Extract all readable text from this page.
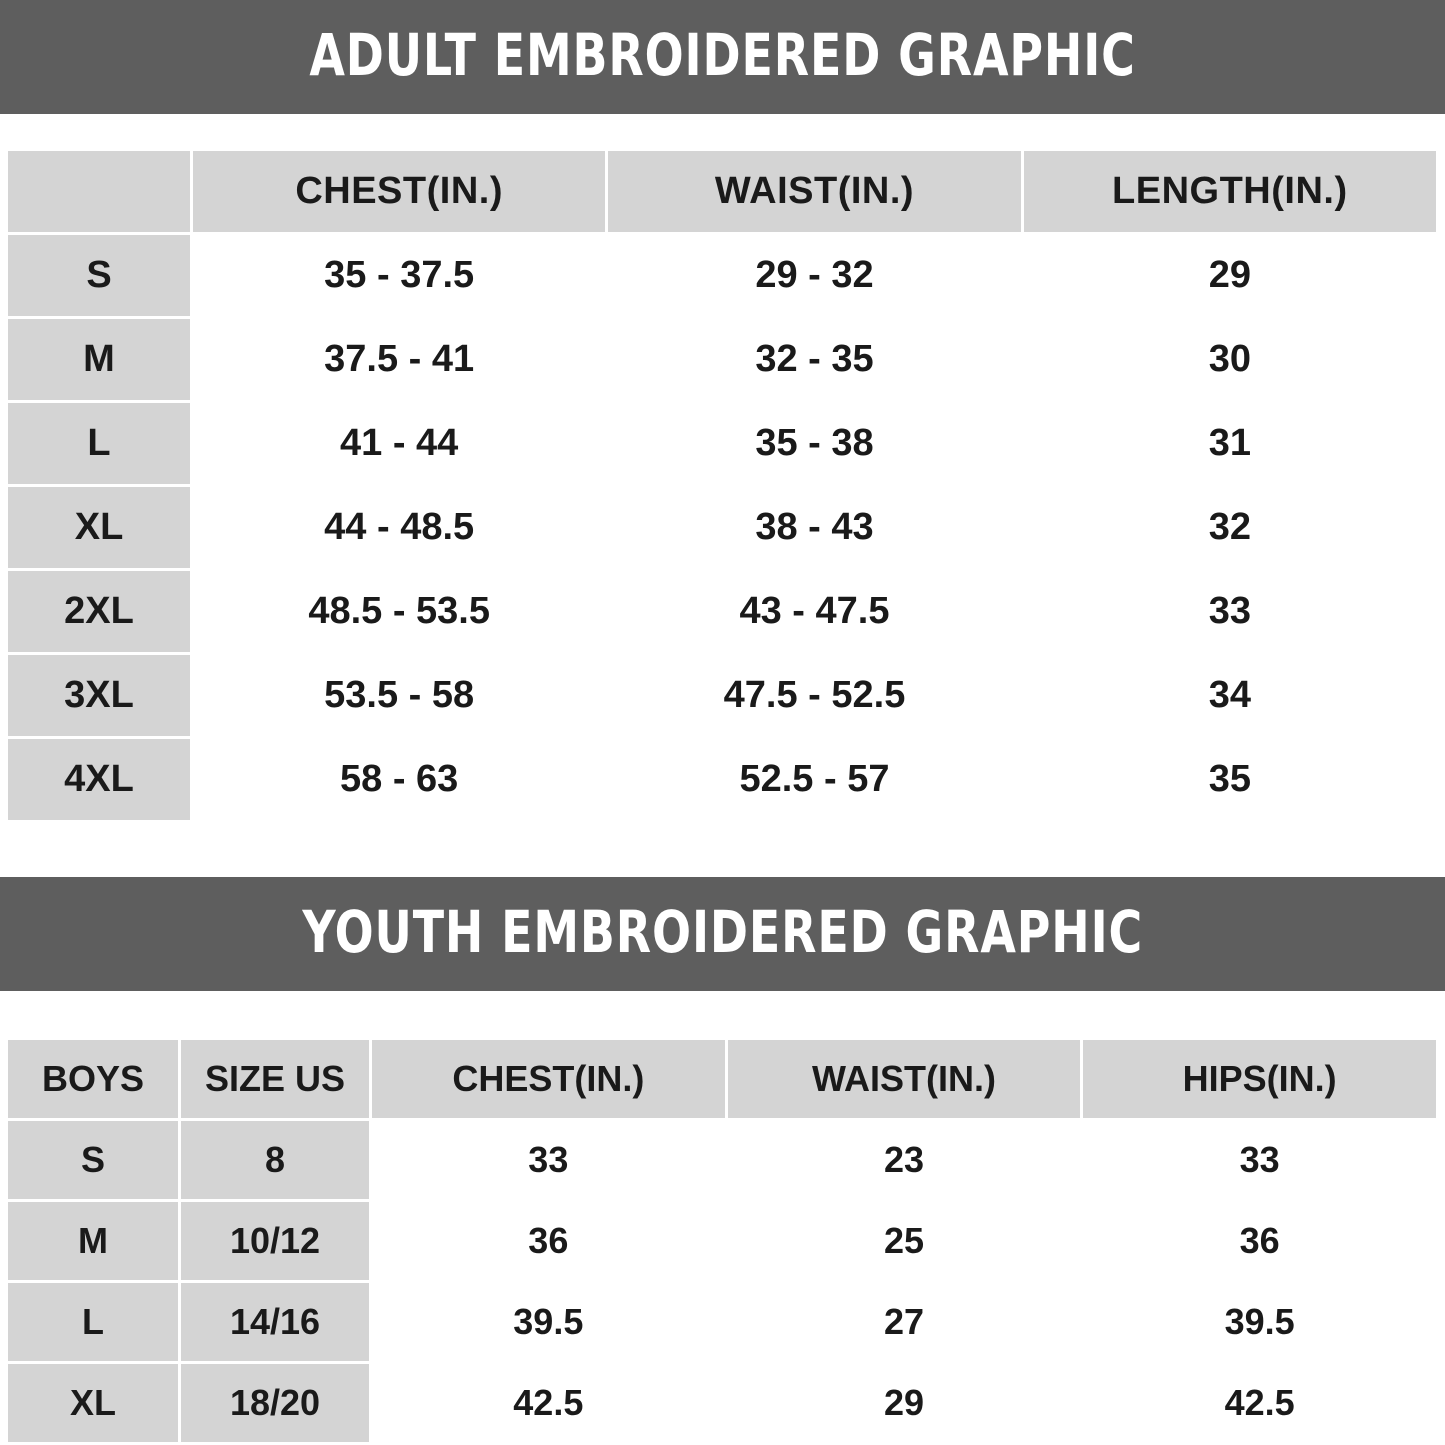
ADULT EMBROIDERED GRAPHIC
	CHEST(IN.)	WAIST(IN.)	LENGTH(IN.)
S	35 - 37.5	29 - 32	29
M	37.5 - 41	32 - 35	30
L	41 - 44	35 - 38	31
XL	44 - 48.5	38 - 43	32
2XL	48.5 - 53.5	43 - 47.5	33
3XL	53.5 - 58	47.5 - 52.5	34
4XL	58 - 63	52.5 - 57	35
YOUTH EMBROIDERED GRAPHIC
BOYS	SIZE US	CHEST(IN.)	WAIST(IN.)	HIPS(IN.)
S	8	33	23	33
M	10/12	36	25	36
L	14/16	39.5	27	39.5
XL	18/20	42.5	29	42.5
